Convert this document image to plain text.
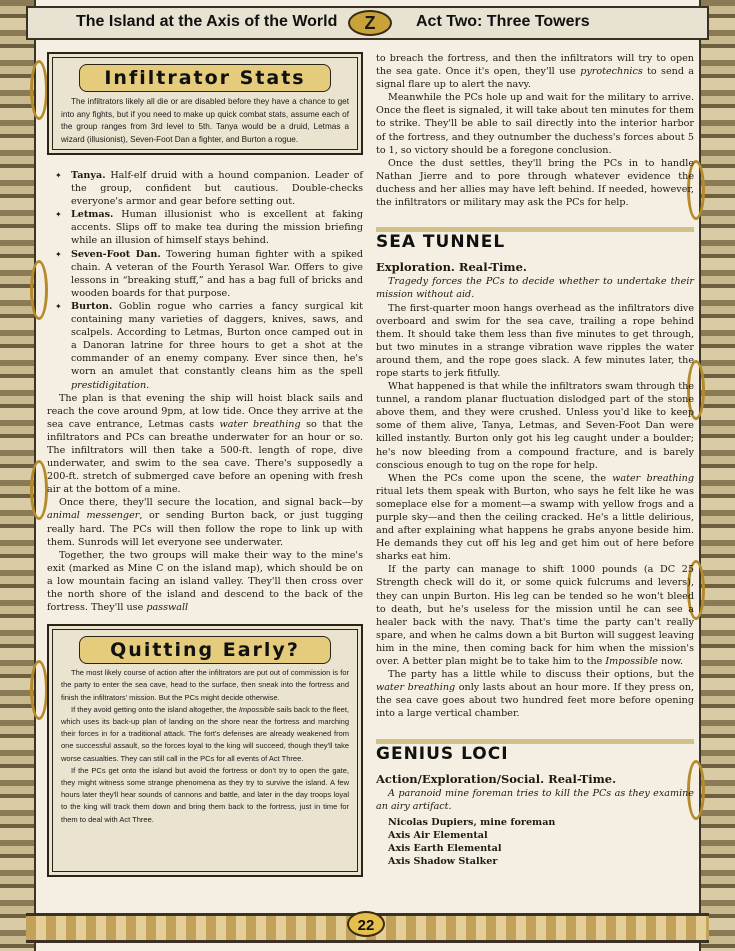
The Island at the Axis of the World	Z	Act Two: Three Towers
22
Infiltrator Stats

The infiltrators likely all die or are disabled before they have a chance to get into any fights, but if you need to make up quick combat stats, assume each of the group ranges from 3rd level to 5th. Tanya would be a druid, Letmas a wizard (illusionist), Seven-Foot Dan a fighter, and Burton a rogue.

✦ Tanya. Half-elf druid with a hound companion. Leader of the group, confident but cautious. Double-checks everyone's armor and gear before setting out.
✦ Letmas. Human illusionist who is excellent at faking accents. Slips off to make tea during the mission briefing while an illusion of himself stays behind.
✦ Seven-Foot Dan. Towering human fighter with a spiked chain. A veteran of the Fourth Yerasol War. Offers to give lessons in “breaking stuff,” and has a bag full of bricks and wooden boards for that purpose.
✦ Burton. Goblin rogue who carries a fancy surgical kit containing many varieties of daggers, knives, saws, and scalpels. According to Letmas, Burton once camped out in a Danoran latrine for three hours to get a shot at the commander of an enemy company. Ever since then, he's worn an amulet that constantly cleans him as the spell prestidigitation.

The plan is that evening the ship will hoist black sails and reach the cove around 9pm, at low tide. Once they arrive at the sea cave entrance, Letmas casts water breathing so that the infiltrators and PCs can breathe underwater for an hour or so. The infiltrators will then take a 500-ft. length of rope, dive underwater, and swim to the sea cave. There's supposedly a 200-ft. stretch of submerged cave before an opening with fresh air at the bottom of a mine.

Once there, they'll secure the location, and signal back—by animal messenger, or sending Burton back, or just tugging really hard. The PCs will then follow the rope to link up with them. Sunrods will let everyone see underwater.

Together, the two groups will make their way to the mine's exit (marked as Mine C on the island map), which should be on a low mountain facing an island valley. They'll then cross over the north shore of the island and descend to the back of the fortress. They'll use passwall

Quitting Early?

The most likely course of action after the infiltrators are put out of commission is for the party to enter the sea cave, head to the surface, then sneak into the fortress and finish the infiltrators' mission. But the PCs might decide otherwise.

If they avoid getting onto the island altogether, the Impossible sails back to the fleet, which uses its back-up plan of landing on the shore near the fortress and marching their forces in for a traditional attack. The fort's defenses are already weakened from one successful assault, so the forces loyal to the king will succeed, though they'll take worse casualties. They can still call in the PCs for all events of Act Three.

If the PCs get onto the island but avoid the fortress or don't try to open the gate, they might witness some strange phenomena as they try to survive the island. A few hours later they'll hear sounds of cannons and battle, and later in the day troops loyal to the king will track them down and bring them back to the fortress, just in time for them to deal with Act Three.

to breach the fortress, and then the infiltrators will try to open the sea gate. Once it's open, they'll use pyrotechnics to send a signal flare up to alert the navy.

Meanwhile the PCs hole up and wait for the military to arrive. Once the fleet is signaled, it will take about ten minutes for them to strike. They'll be able to sail directly into the interior harbor of the fortress, and they outnumber the duchess's forces about 5 to 1, so victory should be a foregone conclusion.

Once the dust settles, they'll bring the PCs in to handle Nathan Jierre and to pore through whatever evidence the duchess and her allies may have left behind. If needed, however, the infiltrators or military may ask the PCs for help.

SEA TUNNEL
Exploration. Real-Time.

Tragedy forces the PCs to decide whether to undertake their mission without aid.

The first-quarter moon hangs overhead as the infiltrators dive overboard and swim for the sea cave, trailing a rope behind them. It should take them less than five minutes to get through, but two minutes in a strange vibration wave ripples the water around them, and the rope goes slack. A few minutes later, the rope starts to jerk fitfully.

What happened is that while the infiltrators swam through the tunnel, a random planar fluctuation dislodged part of the stone above them, and they were crushed. Unless you'd like to keep some of them alive, Tanya, Letmas, and Seven-Foot Dan were killed instantly. Burton only got his leg caught under a boulder; he's now bleeding from a compound fracture, and is barely conscious enough to tug on the rope for help.

When the PCs come upon the scene, the water breathing ritual lets them speak with Burton, who says he felt like he was someplace else for a moment—a swamp with yellow frogs and a purple sky—and then the ceiling cracked. He's a little delirious, and after explaining what happens he grabs anyone beside him. He demands they cut off his leg and get him out of here before sharks eat him.

If the party can manage to shift 1000 pounds (a DC 25 Strength check will do it, or some quick fulcrums and levers), they can unpin Burton. His leg can be tended so he won't bleed to death, but he's useless for the mission until he can see a healer back with the navy. That's time the party can't really spare, and when he calms down a bit Burton will suggest leaving him in the mine, then coming back for him when the mission's over. A better plan might be to take him to the Impossible now.

The party has a little while to discuss their options, but the water breathing only lasts about an hour more. If they press on, the sea cave goes about two hundred feet more before opening into a large vertical chamber.

GENIUS LOCI
Action/Exploration/Social. Real-Time.

A paranoid mine foreman tries to kill the PCs as they examine an airy artifact.

Nicolas Dupiers, mine foreman
Axis Air Elemental
Axis Earth Elemental
Axis Shadow Stalker
